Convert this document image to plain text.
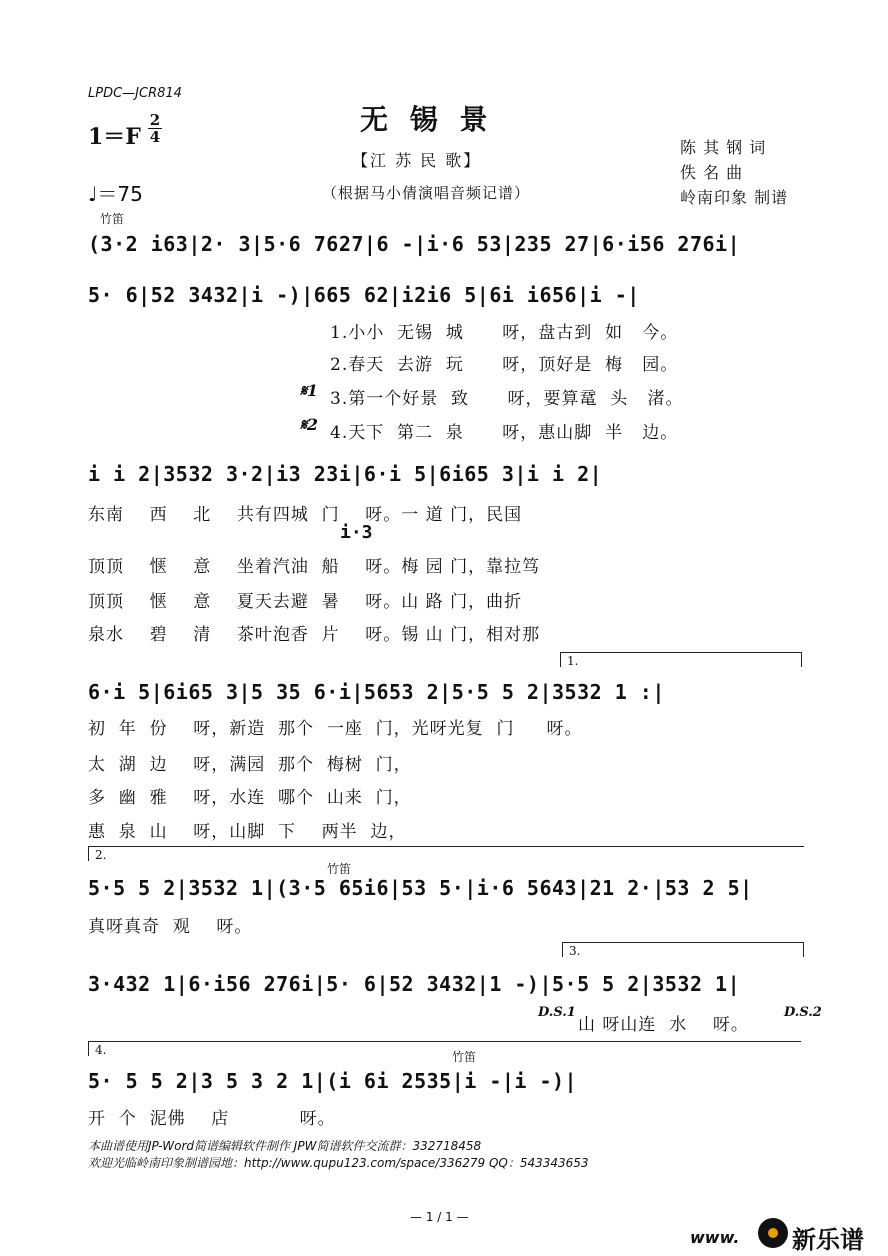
LPDC—JCR814
无 锡 景
$1=F \frac{2}{4}$
♩＝75
【江 苏 民 歌】
（根据马小倩演唱音频记谱）
陈 其 钢 词
佚 名 曲
岭南印象 制谱
竹笛
(3·2 i63|2· 3|5·6 7627|6 -|i·6 53|235 27|6·i56 276i|
5· 6|52 3432|i -)|665 62|i2i6 5|6i i656|i -|
1.小小  无锡  城      呀，盘古到  如   今。
2.春天  去游  玩      呀，顶好是  梅   园。
𝄋1 3.第一个好景  致      呀，要算鼋  头   渚。
𝄋2 4.天下  第二  泉      呀，惠山脚  半   边。
i i 2|3532 3·2|i3 23i|6·i 5|6i65 3|i i 2|
东南    西    北    共有四城  门    呀。一 道 门，民国
i·3
顶顶    惬    意    坐着汽油  船    呀。梅 园 门，靠拉笃
顶顶    惬    意    夏天去避  暑    呀。山 路 门，曲折
泉水    碧    清    茶叶泡香  片    呀。锡 山 门，相对那
1.
6·i 5|6i65 3|5 35 6·i|5653 2|5·5 5 2|3532 1 :|
初  年  份    呀，新造  那个  一座  门，光呀光复  门     呀。
太  湖  边    呀，满园  那个  梅树  门，
多  幽  雅    呀，水连  哪个  山来  门，
惠  泉  山    呀，山脚  下    两半  边，
2.
竹笛
5·5 5 2|3532 1|(3·5 65i6|53 5·|i·6 5643|21 2·|53 2 5|
真呀真奇  观    呀。
3.
3·432 1|6·i56 276i|5· 6|52 3432|1 -)|5·5 5 2|3532 1|
D.S.1
山 呀山连  水    呀。
D.S.2
4.	竹笛
5· 5 5 2|3 5 3 2 1|(i 6i 2535|i -|i -)|
开  个  泥佛    店           呀。
本曲谱使用JP-Word简谱编辑软件制作 JPW简谱软件交流群：332718458
欢迎光临岭南印象制谱园地：http://www.qupu123.com/space/336279 QQ：543343653
— 1 / 1 —
www. 新乐谱
